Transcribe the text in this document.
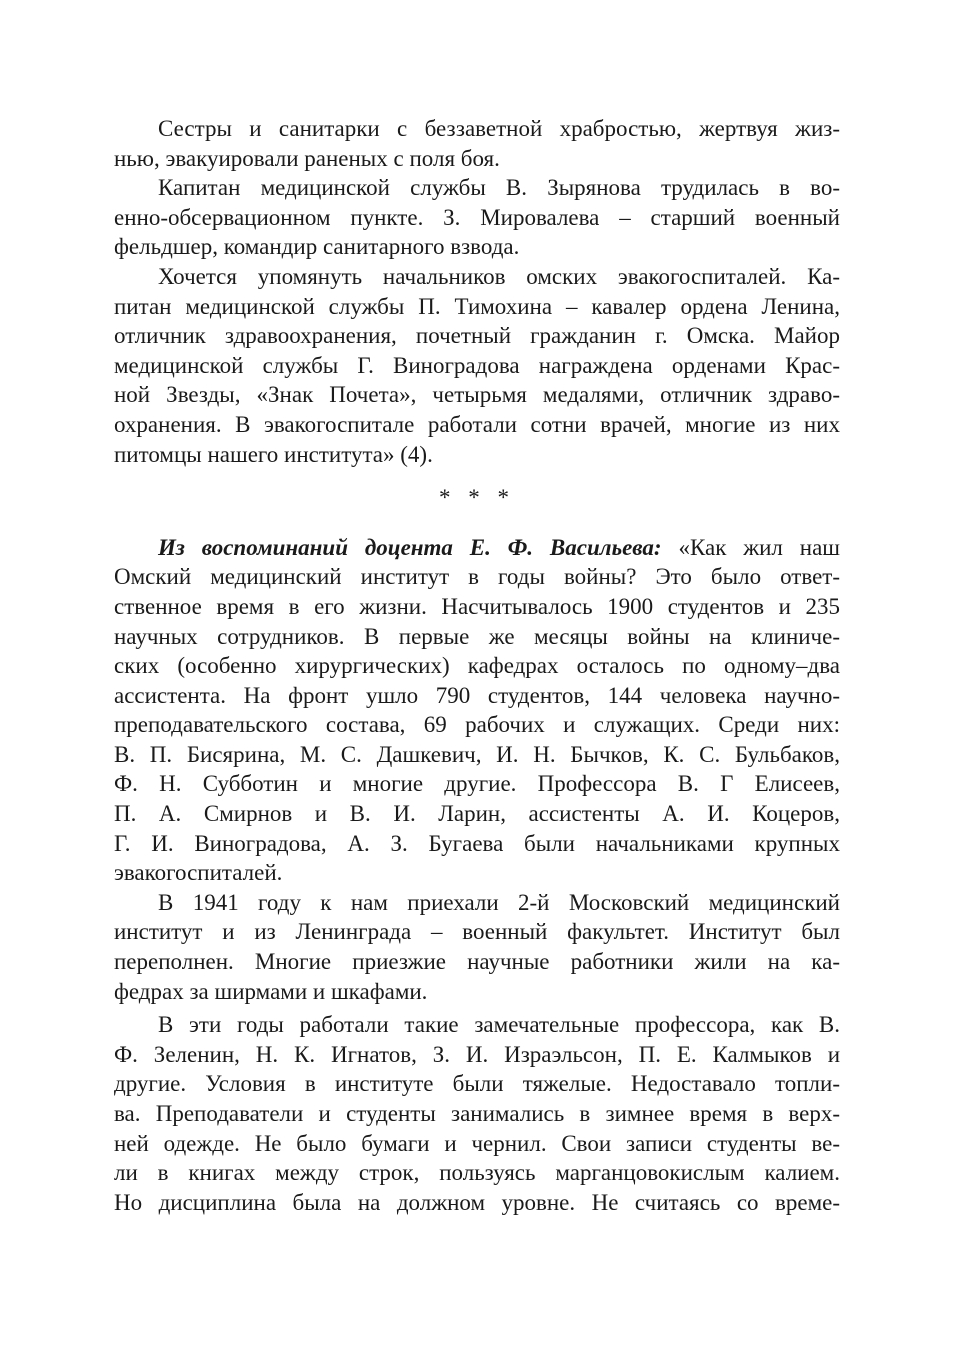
Сестры и санитарки с беззаветной храбростью, жертвуя жиз-
нью, эвакуировали раненых с поля боя.
Капитан медицинской службы В. Зырянова трудилась в во-
енно-обсервационном пункте. З. Мировалева – старший военный
фельдшер, командир санитарного взвода.
Хочется упомянуть начальников омских эвакогоспиталей. Ка-
питан медицинской службы П. Тимохина – кавалер ордена Ленина,
отличник здравоохранения, почетный гражданин г. Омска. Майор
медицинской службы Г. Виноградова награждена орденами Крас-
ной Звезды, «Знак Почета», четырьмя медалями, отличник здраво-
охранения. В эвакогоспитале работали сотни врачей, многие из них
питомцы нашего института» (4).
* * *
Из воспоминаний доцента Е. Ф. Васильева: «Как жил наш
Омский медицинский институт в годы войны? Это было ответ-
ственное время в его жизни. Насчитывалось 1900 студентов и 235
научных сотрудников. В первые же месяцы войны на клиниче-
ских (особенно хирургических) кафедрах осталось по одному–два
ассистента. На фронт ушло 790 студентов, 144 человека научно-
преподавательского состава, 69 рабочих и служащих. Среди них:
В. П. Бисярина, М. С. Дашкевич, И. Н. Бычков, К. С. Бульбаков,
Ф. Н. Субботин и многие другие. Профессора В. Г Елисеев,
П. А. Смирнов и В. И. Ларин, ассистенты А. И. Коцеров,
Г. И. Виноградова, А. З. Бугаева были начальниками крупных
эвакогоспиталей.
В 1941 году к нам приехали 2-й Московский медицинский
институт и из Ленинграда – военный факультет. Институт был
переполнен. Многие приезжие научные работники жили на ка-
федрах за ширмами и шкафами.
В эти годы работали такие замечательные профессора, как В.
Ф. Зеленин, Н. К. Игнатов, З. И. Израэльсон, П. Е. Калмыков и
другие. Условия в институте были тяжелые. Недоставало топли-
ва. Преподаватели и студенты занимались в зимнее время в верх-
ней одежде. Не было бумаги и чернил. Свои записи студенты ве-
ли в книгах между строк, пользуясь марганцовокислым калием.
Но дисциплина была на должном уровне. Не считаясь со време-
